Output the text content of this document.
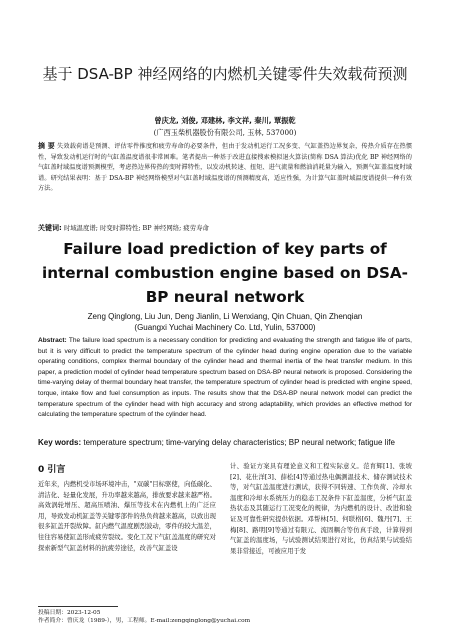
基于 DSA-BP 神经网络的内燃机关键零件失效载荷预测
曾庆龙, 刘俊, 邓建林, 李文祥, 秦川, 覃振乾
(广西玉柴机器股份有限公司, 玉林, 537000)
摘 要 失效载荷谱是预测、评估零件推度和疲劳寿命的必要条件，但由于发动机运行工况多变、气缸盖热边界复杂，传热介质存在热惯性，导致发动机运行时的气缸盖温度谱很非常困难。笔者提出一种基于改进直接搜索模拟退火算法(简称 DSA 算法)优化 BP 神经网络的气缸盖时域温度谱预测模型，考虑热边界传热的变时滞特性，以发动机转速、扭矩、进气流量和燃油消耗量为输入，预测气缸盖温度时域谱。研究结果表明：基于 DSA-BP 神经网络模型对气缸盖时域温度谱的预测精度高，适应性强，为计算气缸盖时域温度谱提供一种有效方法。
关键词: 时域温度谱; 时变时滞特性; BP 神经网络; 疲劳寿命
Failure load prediction of key parts of internal combustion engine based on DSA-BP neural network
Zeng Qinglong, Liu Jun, Deng Jianlin, Li Wenxiang, Qin Chuan, Qin Zhenqian
(Guangxi Yuchai Machinery Co. Ltd, Yulin, 537000)
Abstract: The failure load spectrum is a necessary condition for predicting and evaluating the strength and fatigue life of parts, but it is very difficult to predict the temperature spectrum of the cylinder head during engine operation due to the variable operating conditions, complex thermal boundary of the cylinder head and thermal inertia of the heat transfer medium. In this paper, a prediction model of cylinder head temperature spectrum based on DSA-BP neural network is proposed. Considering the time-varying delay of thermal boundary heat transfer, the temperature spectrum of cylinder head is predicted with engine speed, torque, intake flow and fuel consumption as inputs. The results show that the DSA-BP neural network model can predict the temperature spectrum of the cylinder head with high accuracy and strong adaptability, which provides an effective method for calculating the temperature spectrum of the cylinder head.
Key words: temperature spectrum; time-varying delay characteristics; BP neural network; fatigue life
0 引言
近年来，内燃机受市场环境冲击，"双碳"目标驱使，向低碳化、清洁化、轻量化发展，升功率越来越高，排放要求越来越严格。高效涡轮增压、超高压喷油、爆压等技术在内燃机上的广泛应用，导致发动机缸盖等关键零部件的热负荷越来越高，以致出现很多缸盖开裂故障。缸内燃气温度剧烈波动，零件的较大温差，往往容易使缸盖形成疲劳裂纹。变化工况下气缸盖温度的研究对探索新型气缸盖材料的抗疲劳途径，改善气缸盖设
计、验证方案具有理论意义和工程实际意义。范育辉[1]、张坡[2]、花仕洋[3]、薛松[4]等通过热电偶测温技术、储存测试技术等，对气缸盖温度进行测试，获得不同转速、工作负荷、冷却水温度和冷却水系统压力的稳态工况条件下缸盖温度，分析气缸盖热状态及其随运行工况变化的规律，为内燃机的设计、改进和验证及可靠性研究提供依据。邓帮林[5]、何联格[6]、魏丹[7]、王梅[8]、路明[9]等通过有限元、流固耦合等仿真手段，计算得到气缸盖的温度场，与试验测试结果进行对比，仿真结果与试验结果非常接近，可被应用于发
投稿日期：2023-12-05
作者简介：曾庆龙（1989-），男，工程师。E-mail:zengqinglong@yuchai.com
